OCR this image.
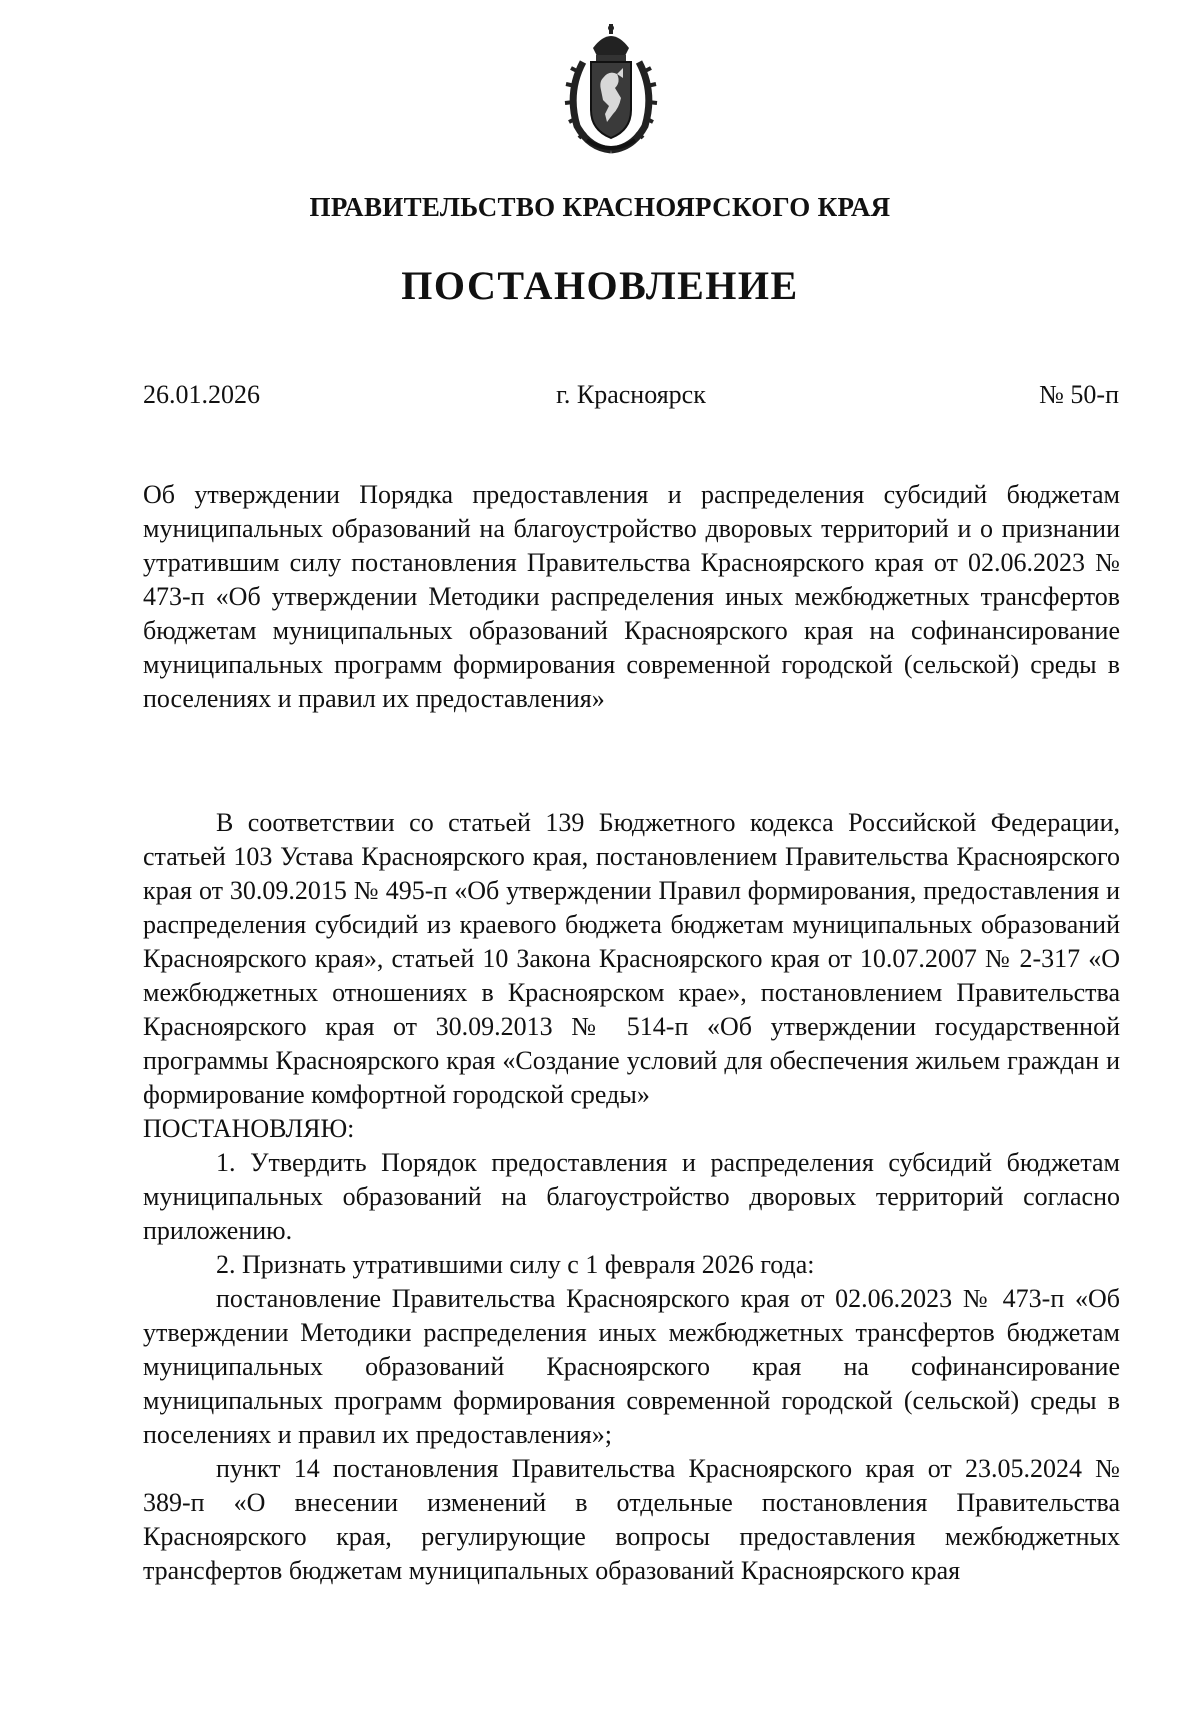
ПРАВИТЕЛЬСТВО КРАСНОЯРСКОГО КРАЯ
ПОСТАНОВЛЕНИЕ
26.01.2026	г. Красноярск	№ 50-п

Об утверждении Порядка предоставления и распределения субсидий бюджетам муниципальных образований на благоустройство дворовых территорий и о признании утратившим силу постановления Правительства Красноярского края от 02.06.2023 № 473-п «Об утверждении Методики распределения иных межбюджетных трансфертов бюджетам муниципальных образований Красноярского края на софинансирование муниципальных программ формирования современной городской (сельской) среды в поселениях и правил их предоставления»

В соответствии со статьей 139 Бюджетного кодекса Российской Федерации, статьей 103 Устава Красноярского края, постановлением Правительства Красноярского края от 30.09.2015 № 495-п «Об утверждении Правил формирования, предоставления и распределения субсидий из краевого бюджета бюджетам муниципальных образований Красноярского края», статьей 10 Закона Красноярского края от 10.07.2007 № 2-317 «О межбюджетных отношениях в Красноярском крае», постановлением Правительства Красноярского края от 30.09.2013 № 514-п «Об утверждении государственной программы Красноярского края «Создание условий для обеспечения жильем граждан и формирование комфортной городской среды»

ПОСТАНОВЛЯЮ:

1. Утвердить Порядок предоставления и распределения субсидий бюджетам муниципальных образований на благоустройство дворовых территорий согласно приложению.

2. Признать утратившими силу с 1 февраля 2026 года:

постановление Правительства Красноярского края от 02.06.2023 № 473-п «Об утверждении Методики распределения иных межбюджетных трансфертов бюджетам муниципальных образований Красноярского края на софинансирование муниципальных программ формирования современной городской (сельской) среды в поселениях и правил их предоставления»;

пункт 14 постановления Правительства Красноярского края от 23.05.2024 № 389-п «О внесении изменений в отдельные постановления Правительства Красноярского края, регулирующие вопросы предоставления межбюджетных трансфертов бюджетам муниципальных образований Красноярского края
